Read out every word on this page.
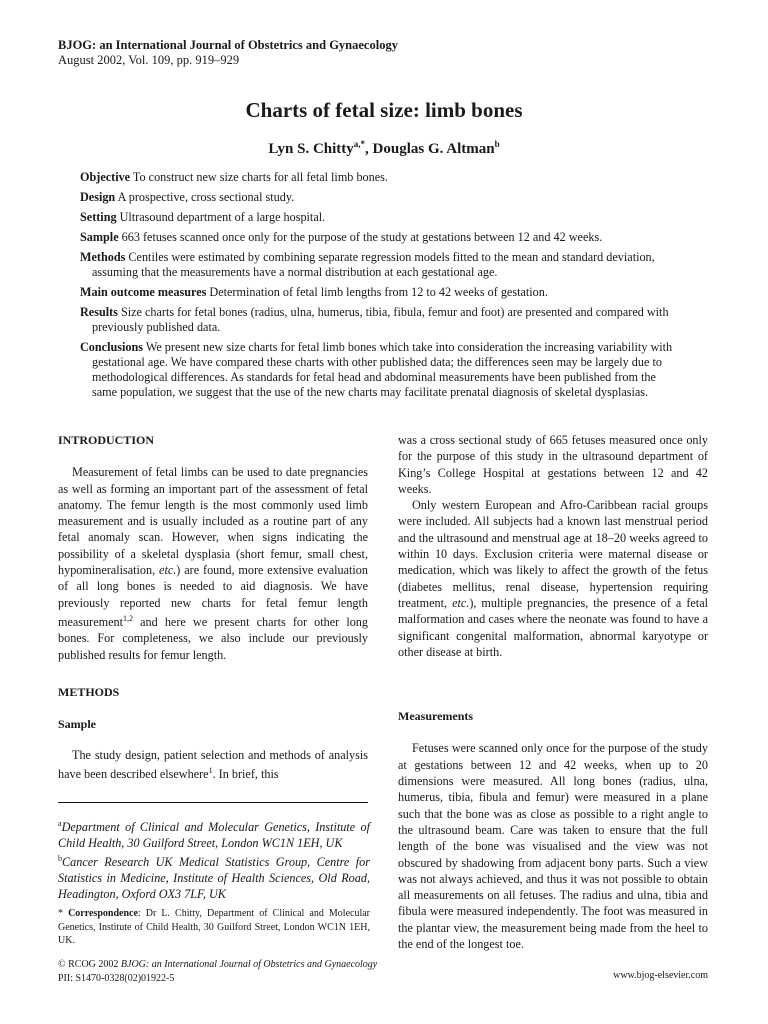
BJOG: an International Journal of Obstetrics and Gynaecology
August 2002, Vol. 109, pp. 919–929
Charts of fetal size: limb bones
Lyn S. Chitty$^{a,*}$, Douglas G. Altman$^b$
Objective To construct new size charts for all fetal limb bones.
Design A prospective, cross sectional study.
Setting Ultrasound department of a large hospital.
Sample 663 fetuses scanned once only for the purpose of the study at gestations between 12 and 42 weeks.
Methods Centiles were estimated by combining separate regression models fitted to the mean and standard deviation, assuming that the measurements have a normal distribution at each gestational age.
Main outcome measures Determination of fetal limb lengths from 12 to 42 weeks of gestation.
Results Size charts for fetal bones (radius, ulna, humerus, tibia, fibula, femur and foot) are presented and compared with previously published data.
Conclusions We present new size charts for fetal limb bones which take into consideration the increasing variability with gestational age. We have compared these charts with other published data; the differences seen may be largely due to methodological differences. As standards for fetal head and abdominal measurements have been published from the same population, we suggest that the use of the new charts may facilitate prenatal diagnosis of skeletal dysplasias.
INTRODUCTION

Measurement of fetal limbs can be used to date pregnancies as well as forming an important part of the assessment of fetal anatomy. The femur length is the most commonly used limb measurement and is usually included as a routine part of any fetal anomaly scan. However, when signs indicating the possibility of a skeletal dysplasia (short femur, small chest, hypomineralisation, etc.) are found, more extensive evaluation of all long bones is needed to aid diagnosis. We have previously reported new charts for fetal femur length measurement$^{1,2}$ and here we present charts for other long bones. For completeness, we also include our previously published results for femur length.

METHODS
Sample

The study design, patient selection and methods of analysis have been described elsewhere$^1$. In brief, this

$^a$Department of Clinical and Molecular Genetics, Institute of Child Health, 30 Guilford Street, London WC1N 1EH, UK
$^b$Cancer Research UK Medical Statistics Group, Centre for Statistics in Medicine, Institute of Health Sciences, Old Road, Headington, Oxford OX3 7LF, UK
* Correspondence: Dr L. Chitty, Department of Clinical and Molecular Genetics, Institute of Child Health, 30 Guilford Street, London WC1N 1EH, UK.

was a cross sectional study of 665 fetuses measured once only for the purpose of this study in the ultrasound department of King’s College Hospital at gestations between 12 and 42 weeks.

Only western European and Afro-Caribbean racial groups were included. All subjects had a known last menstrual period and the ultrasound and menstrual age at 18–20 weeks agreed to within 10 days. Exclusion criteria were maternal disease or medication, which was likely to affect the growth of the fetus (diabetes mellitus, renal disease, hypertension requiring treatment, etc.), multiple pregnancies, the presence of a fetal malformation and cases where the neonate was found to have a significant congenital malformation, abnormal karyotype or other disease at birth.

Measurements

Fetuses were scanned only once for the purpose of the study at gestations between 12 and 42 weeks, when up to 20 dimensions were measured. All long bones (radius, ulna, humerus, tibia, fibula and femur) were measured in a plane such that the bone was as close as possible to a right angle to the ultrasound beam. Care was taken to ensure that the full length of the bone was visualised and the view was not obscured by shadowing from adjacent bony parts. Such a view was not always achieved, and thus it was not possible to obtain all measurements on all fetuses. The radius and ulna, tibia and fibula were measured independently. The foot was measured in the plantar view, the measurement being made from the heel to the end of the longest toe.

© RCOG 2002 BJOG: an International Journal of Obstetrics and Gynaecology
PII: S1470-0328(02)01922-5	www.bjog-elsevier.com
